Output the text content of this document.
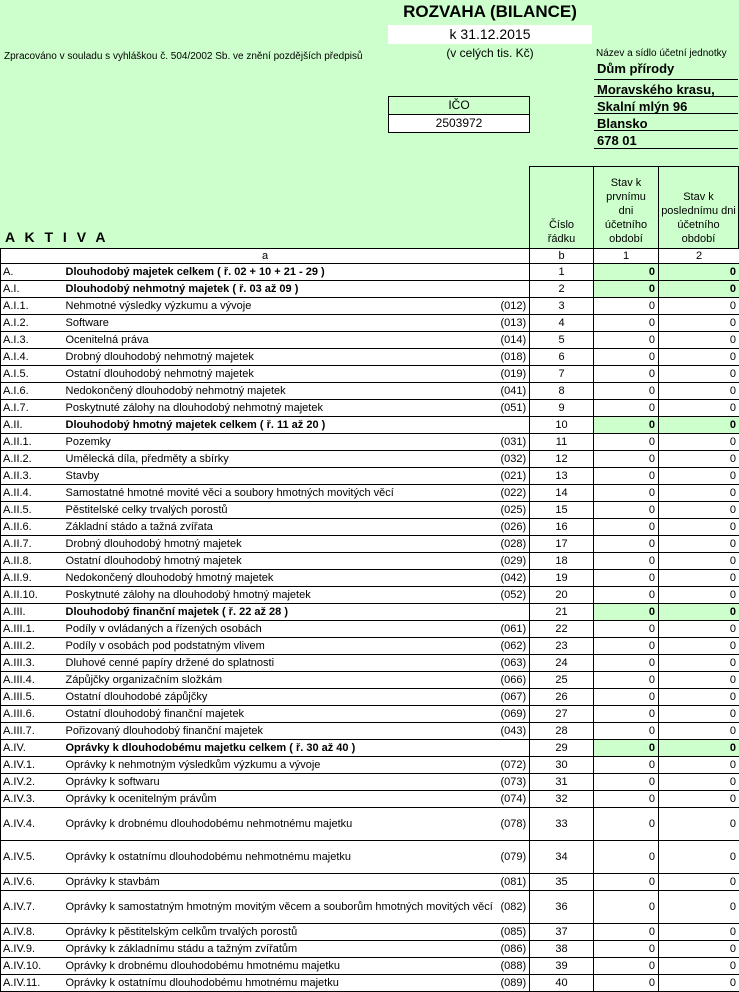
ROZVAHA (BILANCE)
k 31.12.2015
(v celých tis. Kč)
Zpracováno v souladu s vyhláškou č. 504/2002 Sb. ve znění pozdějších předpisů
IČO
2503972
Název a sídlo účetní jednotky
Dům přírody
Moravského krasu,
Skalní mlýn 96
Blansko
678 01
A K T I V A
Číslo řádku
Stav k prvnímu dni účetního období
Stav k poslednímu dni účetního období
a			b	1	2
A.	Dlouhodobý majetek celkem ( ř. 02 + 10 + 21 - 29 )		1	0	0
A.I.	Dlouhodobý nehmotný majetek ( ř. 03 až 09 )		2	0	0
A.I.1.	Nehmotné výsledky výzkumu a vývoje	(012)	3	0	0
A.I.2.	Software	(013)	4	0	0
A.I.3.	Ocenitelná práva	(014)	5	0	0
A.I.4.	Drobný dlouhodobý nehmotný majetek	(018)	6	0	0
A.I.5.	Ostatní dlouhodobý nehmotný majetek	(019)	7	0	0
A.I.6.	Nedokončený dlouhodobý nehmotný majetek	(041)	8	0	0
A.I.7.	Poskytnuté zálohy na dlouhodobý nehmotný majetek	(051)	9	0	0
A.II.	Dlouhodobý hmotný majetek celkem ( ř. 11 až 20 )		10	0	0
A.II.1.	Pozemky	(031)	11	0	0
A.II.2.	Umělecká díla, předměty a sbírky	(032)	12	0	0
A.II.3.	Stavby	(021)	13	0	0
A.II.4.	Samostatné hmotné movité věci a soubory hmotných movitých věcí	(022)	14	0	0
A.II.5.	Pěstitelské celky trvalých porostů	(025)	15	0	0
A.II.6.	Základní stádo a tažná zvířata	(026)	16	0	0
A.II.7.	Drobný dlouhodobý hmotný majetek	(028)	17	0	0
A.II.8.	Ostatní dlouhodobý hmotný majetek	(029)	18	0	0
A.II.9.	Nedokončený dlouhodobý hmotný majetek	(042)	19	0	0
A.II.10.	Poskytnuté zálohy na dlouhodobý hmotný majetek	(052)	20	0	0
A.III.	Dlouhodobý finanční majetek ( ř. 22 až 28 )		21	0	0
A.III.1.	Podíly v ovládaných a řízených osobách	(061)	22	0	0
A.III.2.	Podíly v osobách pod podstatným vlivem	(062)	23	0	0
A.III.3.	Dluhové cenné papíry držené do splatnosti	(063)	24	0	0
A.III.4.	Zápůjčky organizačním složkám	(066)	25	0	0
A.III.5.	Ostatní dlouhodobé zápůjčky	(067)	26	0	0
A.III.6.	Ostatní dlouhodobý finanční majetek	(069)	27	0	0
A.III.7.	Pořizovaný dlouhodobý finanční majetek	(043)	28	0	0
A.IV.	Oprávky k dlouhodobému majetku celkem ( ř. 30 až 40 )		29	0	0
A.IV.1.	Oprávky k nehmotným výsledkům výzkumu a vývoje	(072)	30	0	0
A.IV.2.	Oprávky k softwaru	(073)	31	0	0
A.IV.3.	Oprávky k ocenitelným právům	(074)	32	0	0
A.IV.4.	Oprávky k drobnému dlouhodobému nehmotnému majetku	(078)	33	0	0
A.IV.5.	Oprávky k ostatnímu dlouhodobému nehmotnému majetku	(079)	34	0	0
A.IV.6.	Oprávky k stavbám	(081)	35	0	0
A.IV.7.	Oprávky k samostatným hmotným movitým věcem a souborům hmotných movitých věcí	(082)	36	0	0
A.IV.8.	Oprávky k pěstitelským celkům trvalých porostů	(085)	37	0	0
A.IV.9.	Oprávky k základnímu stádu a tažným zvířatům	(086)	38	0	0
A.IV.10.	Oprávky k drobnému dlouhodobému hmotnému majetku	(088)	39	0	0
A.IV.11.	Oprávky k ostatnímu dlouhodobému hmotnému majetku	(089)	40	0	0
